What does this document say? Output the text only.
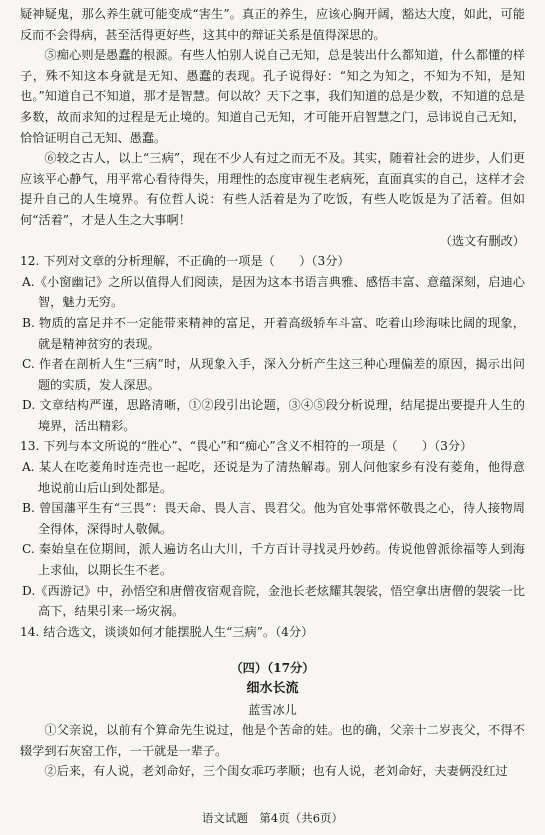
疑神疑鬼，那么养生就可能变成“害生”。真正的养生，应该心胸开阔，豁达大度，如此，可能反而不会得病，甚至活得更好些，这其中的辩证关系是值得深思的。

⑤痴心则是愚蠢的根源。有些人怕别人说自己无知，总是装出什么都知道，什么都懂的样子，殊不知这本身就是无知、愚蠢的表现。孔子说得好：“知之为知之，不知为不知，是知也。”知道自己不知道，那才是智慧。何以故？天下之事，我们知道的总是少数，不知道的总是多数，故而求知的过程是无止境的。知道自己无知，才可能开启智慧之门，忌讳说自己无知，恰恰证明自己无知、愚蠢。

⑥较之古人，以上“三病”，现在不少人有过之而无不及。其实，随着社会的进步，人们更应该平心静气，用平常心看待得失，用理性的态度审视生老病死，直面真实的自己，这样才会提升自己的人生境界。有位哲人说：有些人活着是为了吃饭，有些人吃饭是为了活着。但如何“活着”，才是人生之大事啊！

（选文有删改）

12. 下列对文章的分析理解，不正确的一项是（　　）（3分）

A.《小窗幽记》之所以值得人们阅读，是因为这本书语言典雅、感悟丰富、意蕴深刻，启迪心智，魅力无穷。

B. 物质的富足并不一定能带来精神的富足，开着高级轿车斗富、吃着山珍海味比阔的现象，就是精神贫穷的表现。

C. 作者在剖析人生“三病”时，从现象入手，深入分析产生这三种心理偏差的原因，揭示出问题的实质，发人深思。

D. 文章结构严谨，思路清晰，①②段引出论题，③④⑤段分析说理，结尾提出要提升人生的境界，活出精彩。

13. 下列与本文所说的“胜心”、“畏心”和“痴心”含义不相符的一项是（　　）（3分）

A. 某人在吃菱角时连壳也一起吃，还说是为了清热解毒。别人问他家乡有没有菱角，他得意地说前山后山到处都是。

B. 曾国藩平生有“三畏”：畏天命、畏人言、畏君父。他为官处事常怀敬畏之心，待人接物周全得体，深得时人敬佩。

C. 秦始皇在位期间，派人遍访名山大川，千方百计寻找灵丹妙药。传说他曾派徐福等人到海上求仙，以期长生不老。

D.《西游记》中，孙悟空和唐僧夜宿观音院，金池长老炫耀其袈裟，悟空拿出唐僧的袈裟一比高下，结果引来一场灾祸。

14. 结合选文，谈谈如何才能摆脱人生“三病”。（4分）

（四）（17分）

细水长流

蓝雪冰儿

①父亲说，以前有个算命先生说过，他是个苦命的娃。也的确，父亲十二岁丧父，不得不辍学到石灰窑工作，一干就是一辈子。

②后来，有人说，老刘命好，三个闺女乖巧孝顺；也有人说，老刘命好，夫妻俩没红过

语文试题　第4页（共6页）
